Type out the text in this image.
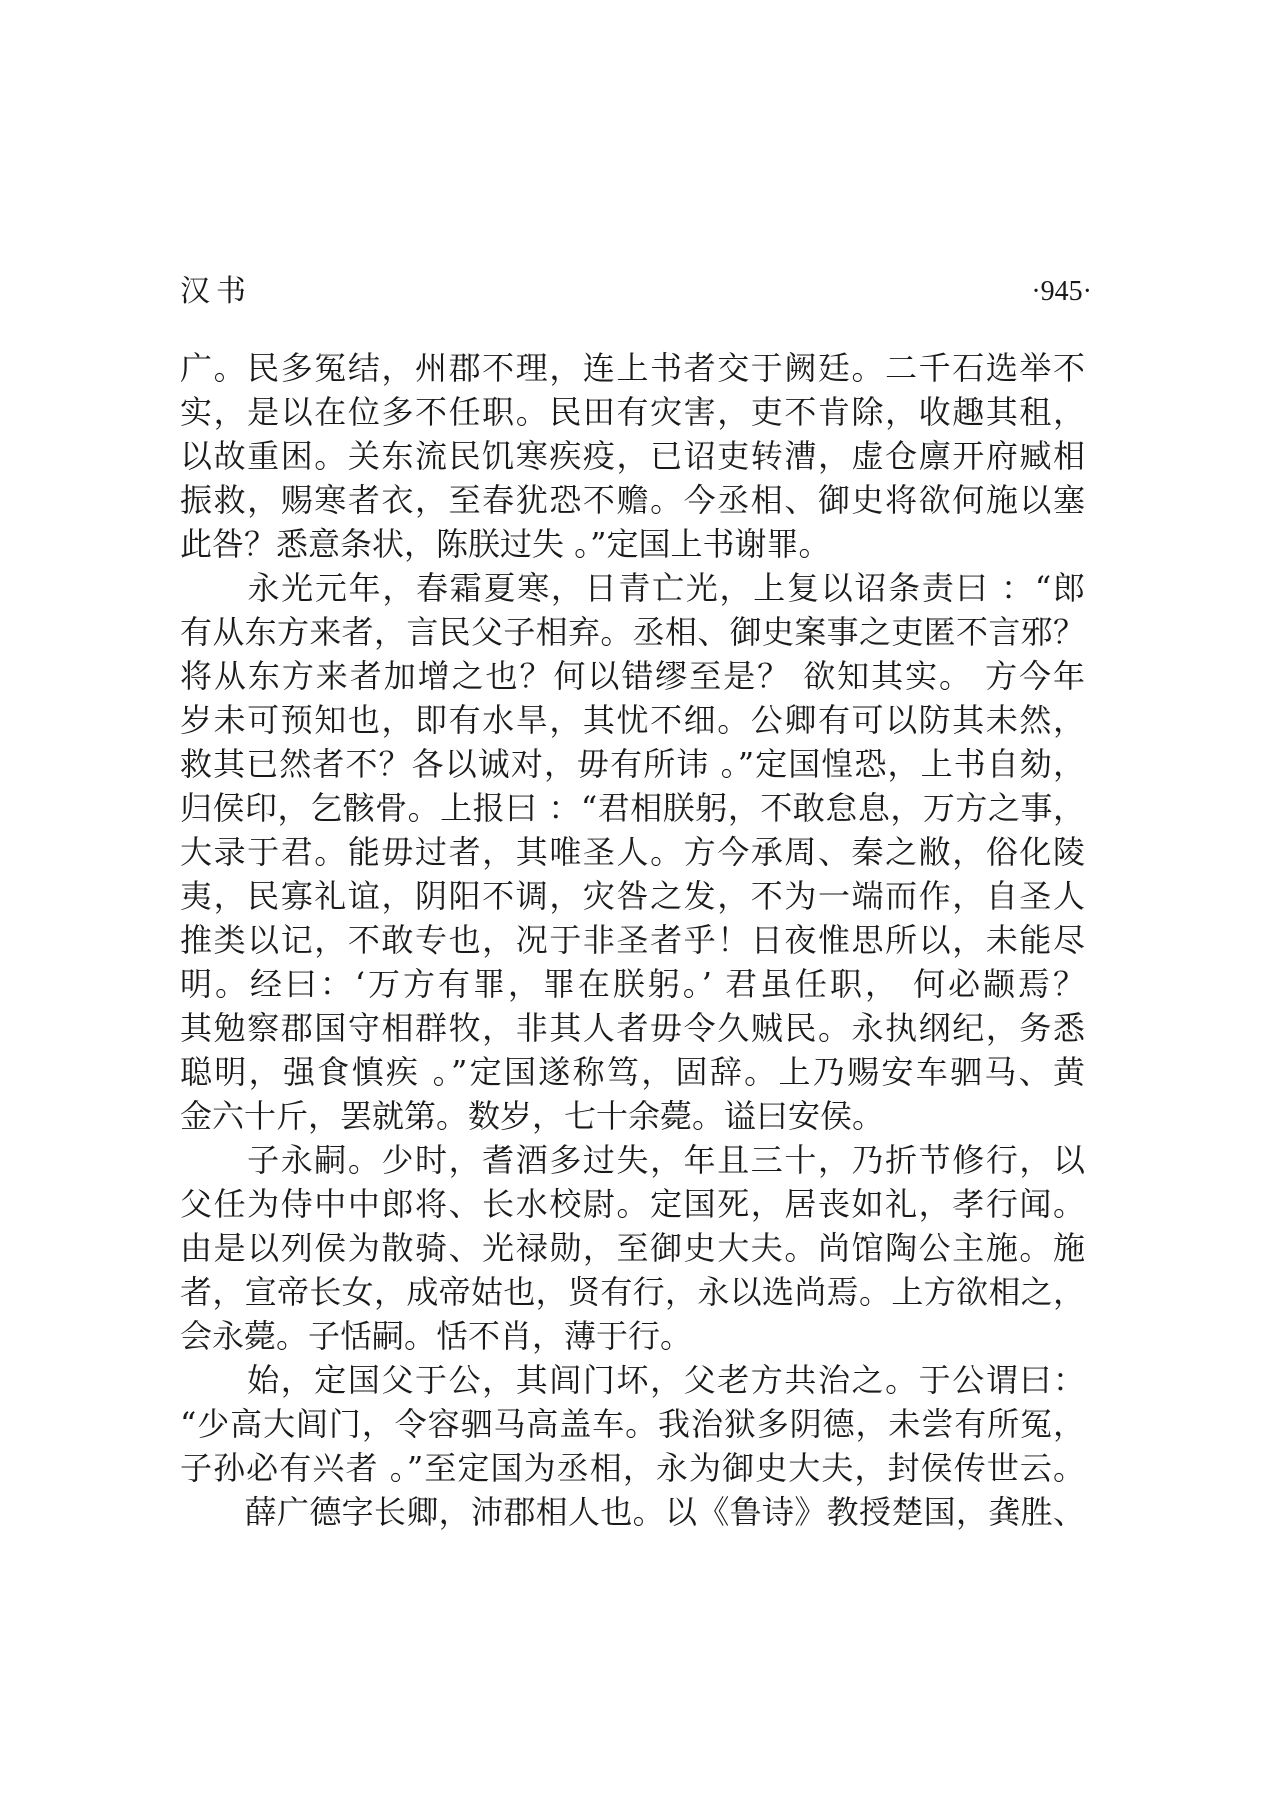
汉书	·945·
广。民多冤结，州郡不理，连上书者交于阙廷。二千石选举不
实，是以在位多不任职。民田有灾害，吏不肯除，收趣其租，
以故重困。关东流民饥寒疾疫，已诏吏转漕，虚仓廪开府臧相
振救，赐寒者衣，至春犹恐不赡。今丞相、御史将欲何施以塞
此咎？悉意条状，陈朕过失 。”定国上书谢罪。
　　永光元年，春霜夏寒，日青亡光，上复以诏条责曰 ：“郎
有从东方来者，言民父子相弃。丞相、御史案事之吏匿不言邪？
将从东方来者加增之也？何以错缪至是？ 欲知其实。 方今年
岁未可预知也，即有水旱，其忧不细。公卿有可以防其未然，
救其已然者不？各以诚对，毋有所讳 。”定国惶恐，上书自劾，
归侯印，乞骸骨。上报曰 ：“君相朕躬，不敢怠息，万方之事，
大录于君。能毋过者，其唯圣人。方今承周、秦之敝，俗化陵
夷，民寡礼谊，阴阳不调，灾咎之发，不为一端而作，自圣人
推类以记，不敢专也，况于非圣者乎！日夜惟思所以，未能尽
明。经曰：‘万方有罪，罪在朕躬。’ 君虽任职， 何必颛焉？
其勉察郡国守相群牧，非其人者毋令久贼民。永执纲纪，务悉
聪明，强食慎疾 。”定国遂称笃，固辞。上乃赐安车驷马、黄
金六十斤，罢就第。数岁，七十余薨。谥曰安侯。
　　子永嗣。少时，耆酒多过失，年且三十，乃折节修行，以
父任为侍中中郎将、长水校尉。定国死，居丧如礼，孝行闻。
由是以列侯为散骑、光禄勋，至御史大夫。尚馆陶公主施。施
者，宣帝长女，成帝姑也，贤有行，永以选尚焉。上方欲相之，
会永薨。子恬嗣。恬不肖，薄于行。
　　始，定国父于公，其闾门坏，父老方共治之。于公谓曰：
“少高大闾门，令容驷马高盖车。我治狱多阴德，未尝有所冤，
子孙必有兴者 。”至定国为丞相，永为御史大夫，封侯传世云。
　　薛广德字长卿，沛郡相人也。以《鲁诗》教授楚国，龚胜、
